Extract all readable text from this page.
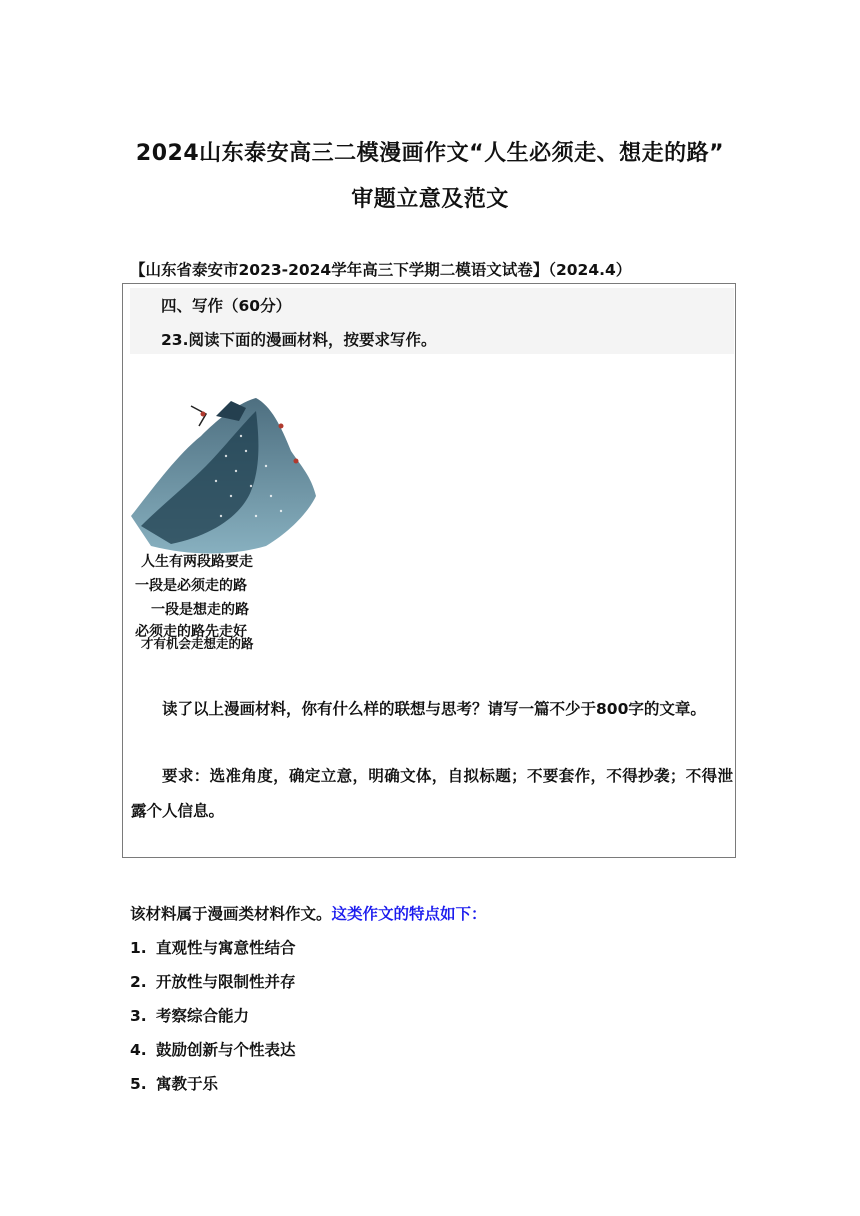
2024山东泰安高三二模漫画作文“人生必须走、想走的路”
审题立意及范文
【山东省泰安市2023-2024学年高三下学期二模语文试卷】（2024.4）
四、写作（60分）
23.阅读下面的漫画材料，按要求写作。
人生有两段路要走
一段是必须走的路
一段是想走的路
必须走的路先走好
才有机会走想走的路
读了以上漫画材料，你有什么样的联想与思考？请写一篇不少于800字的文章。
要求：选准角度，确定立意，明确文体，自拟标题；不要套作，不得抄袭；不得泄露个人信息。
该材料属于漫画类材料作文。这类作文的特点如下：
1. 直观性与寓意性结合
2. 开放性与限制性并存
3. 考察综合能力
4. 鼓励创新与个性表达
5. 寓教于乐
